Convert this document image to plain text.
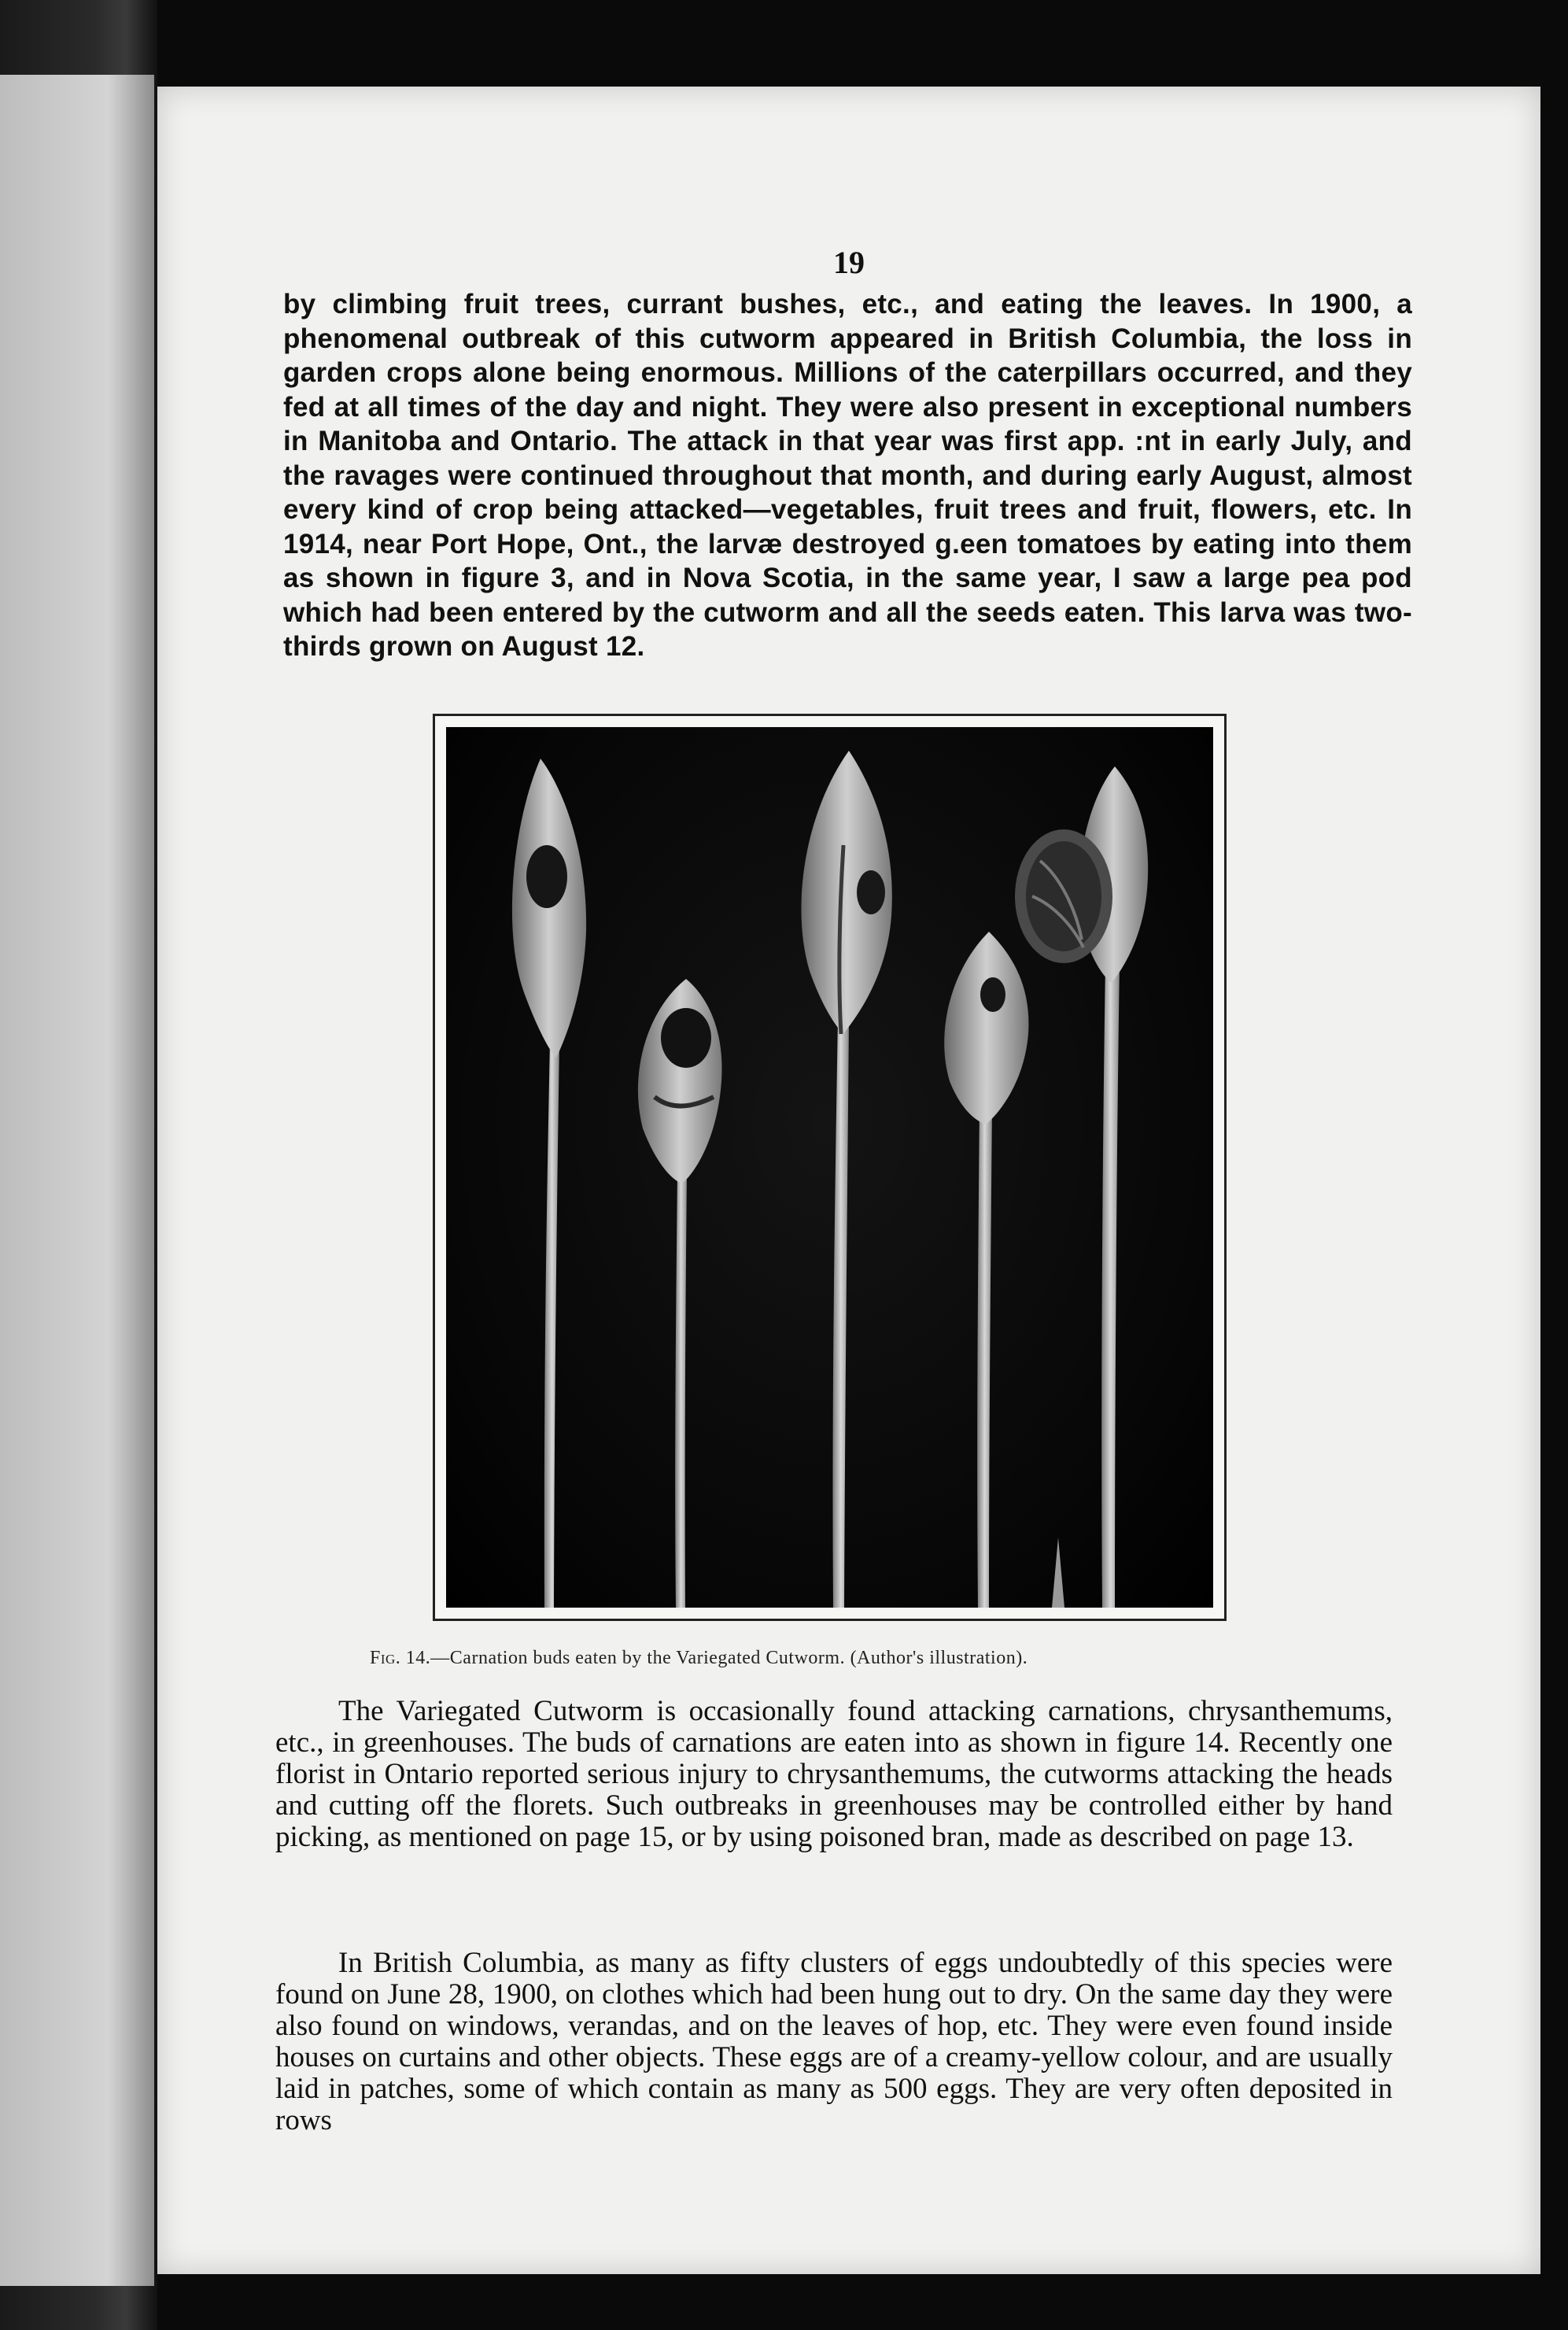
19

by climbing fruit trees, currant bushes, etc., and eating the leaves. In 1900, a phenomenal outbreak of this cutworm appeared in British Columbia, the loss in garden crops alone being enormous. Millions of the caterpillars occurred, and they fed at all times of the day and night. They were also present in exceptional numbers in Manitoba and Ontario. The attack in that year was first app. :nt in early July, and the ravages were continued throughout that month, and during early August, almost every kind of crop being attacked—vegetables, fruit trees and fruit, flowers, etc. In 1914, near Port Hope, Ont., the larvæ destroyed g.een tomatoes by eating into them as shown in figure 3, and in Nova Scotia, in the same year, I saw a large pea pod which had been entered by the cutworm and all the seeds eaten. This larva was two-thirds grown on August 12.

Fig. 14.—Carnation buds eaten by the Variegated Cutworm. (Author's illustration).

The Variegated Cutworm is occasionally found attacking carnations, chrysanthemums, etc., in greenhouses. The buds of carnations are eaten into as shown in figure 14. Recently one florist in Ontario reported serious injury to chrysanthemums, the cutworms attacking the heads and cutting off the florets. Such outbreaks in greenhouses may be controlled either by hand picking, as mentioned on page 15, or by using poisoned bran, made as described on page 13.

In British Columbia, as many as fifty clusters of eggs undoubtedly of this species were found on June 28, 1900, on clothes which had been hung out to dry. On the same day they were also found on windows, verandas, and on the leaves of hop, etc. They were even found inside houses on curtains and other objects. These eggs are of a creamy-yellow colour, and are usually laid in patches, some of which contain as many as 500 eggs. They are very often deposited in rows
